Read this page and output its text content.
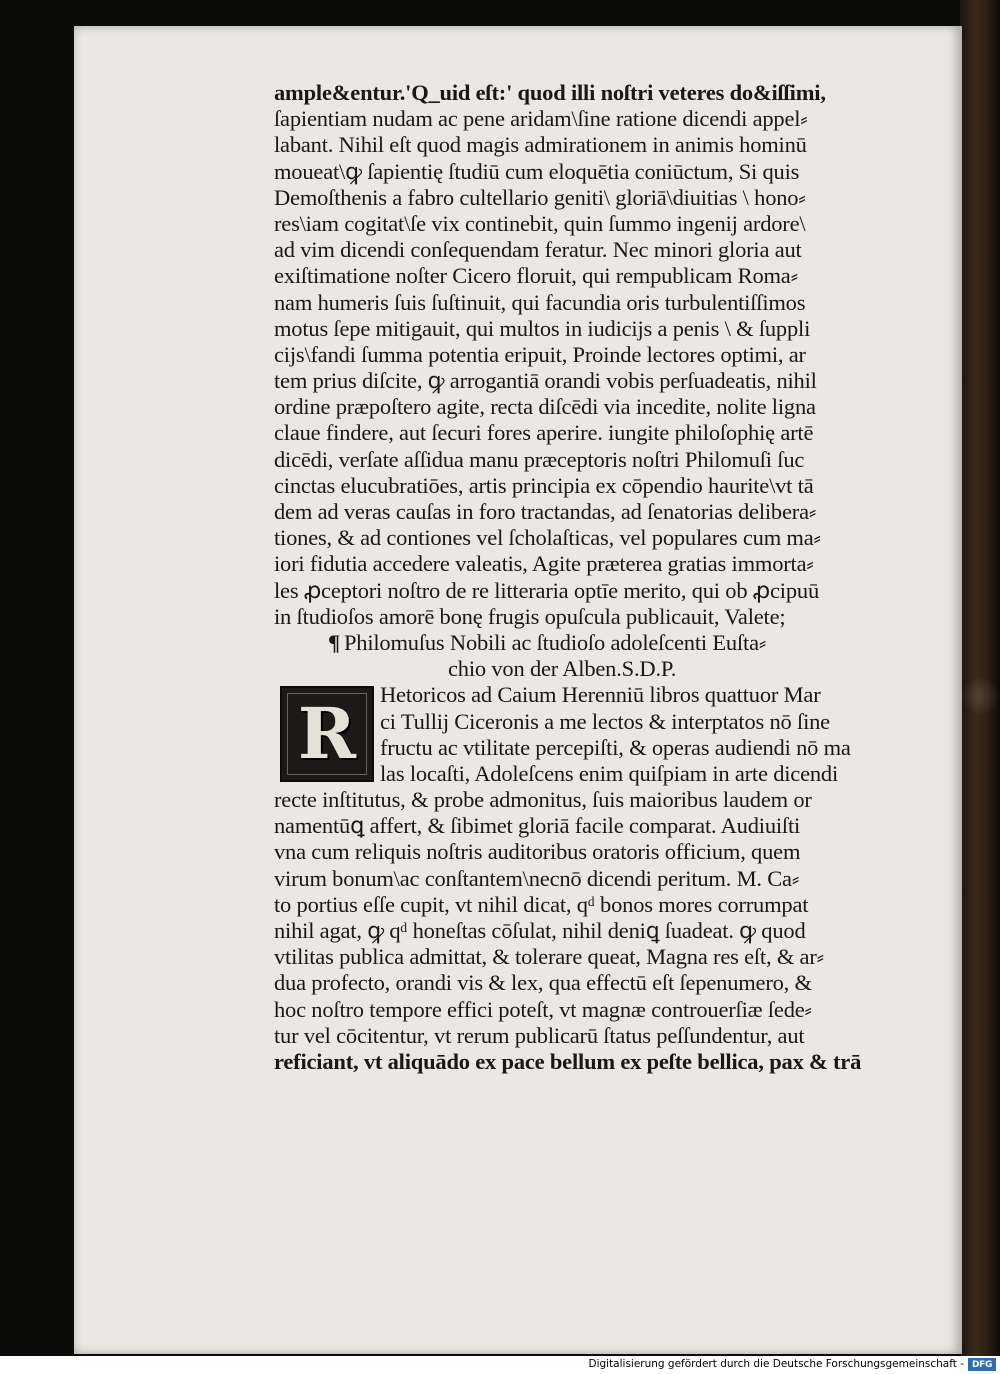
ample&entur.'Q_uid eſt:' quod illi noſtri veteres do&iſſimi,
ſapientiam nudam ac pene aridam\ſine ratione dicendi appel⸗
labant. Nihil eſt quod magis admirationem in animis hominū
moueat\ꝙ ſapientię ſtudiū cum eloquētia coniūctum, Si quis
Demoſthenis a fabro cultellario geniti\ gloriā\diuitias \ hono⸗
res\iam cogitat\ſe vix continebit, quin ſummo ingenij ardore\
ad vim dicendi conſequendam feratur. Nec minori gloria aut
exiſtimatione noſter Cicero floruit, qui rempublicam Roma⸗
nam humeris ſuis ſuſtinuit, qui facundia oris turbulentiſſimos
motus ſepe mitigauit, qui multos in iudicijs a penis \ & ſuppli
cijs\fandi ſumma potentia eripuit, Proinde lectores optimi, ar
tem prius diſcite, ꝙ arrogantiā orandi vobis perſuadeatis, nihil
ordine præpoſtero agite, recta diſcēdi via incedite, nolite ligna
claue findere, aut ſecuri fores aperire. iungite philoſophię artē
dicēdi, verſate aſſidua manu præceptoris noſtri Philomuſi ſuc
cinctas elucubratiōes, artis principia ex cōpendio haurite\vt tā
dem ad veras cauſas in foro tractandas, ad ſenatorias delibera⸗
tiones, & ad contiones vel ſcholaſticas, vel populares cum ma⸗
iori fidutia accedere valeatis, Agite præterea gratias immorta⸗
les ꝓceptori noſtro de re litteraria optīe merito, qui ob ꝓcipuū
in ſtudioſos amorē bonę frugis opuſcula publicauit, Valete;
¶ Philomuſus Nobili ac ſtudioſo adoleſcenti Euſta⸗
chio von der Alben.S.D.P.
R Hetoricos ad Caium Herenniū libros quattuor Mar
ci Tullij Ciceronis a me lectos & interptatos nō ſine
fructu ac vtilitate percepiſti, & operas audiendi nō ma
las locaſti, Adoleſcens enim quiſpiam in arte dicendi
recte inſtitutus, & probe admonitus, ſuis maioribus laudem or
namentūꝗ affert, & ſibimet gloriā facile comparat. Audiuiſti
vna cum reliquis noſtris auditoribus oratoris officium, quem
virum bonum\ac conſtantem\necnō dicendi peritum. M. Ca⸗
to portius eſſe cupit, vt nihil dicat, qᵈ bonos mores corrumpat
nihil agat, ꝙ qᵈ honeſtas cōſulat, nihil deniꝗ ſuadeat. ꝙ quod
vtilitas publica admittat, & tolerare queat, Magna res eſt, & ar⸗
dua profecto, orandi vis & lex, qua effectū eſt ſepenumero, &
hoc noſtro tempore effici poteſt, vt magnæ controuerſiæ ſede⸗
tur vel cōcitentur, vt rerum publicarū ſtatus peſſundentur, aut
reficiant, vt aliquādo ex pace bellum ex peſte bellica, pax & trā
Digitalisierung gefördert durch die Deutsche Forschungsgemeinschaft - DFG
